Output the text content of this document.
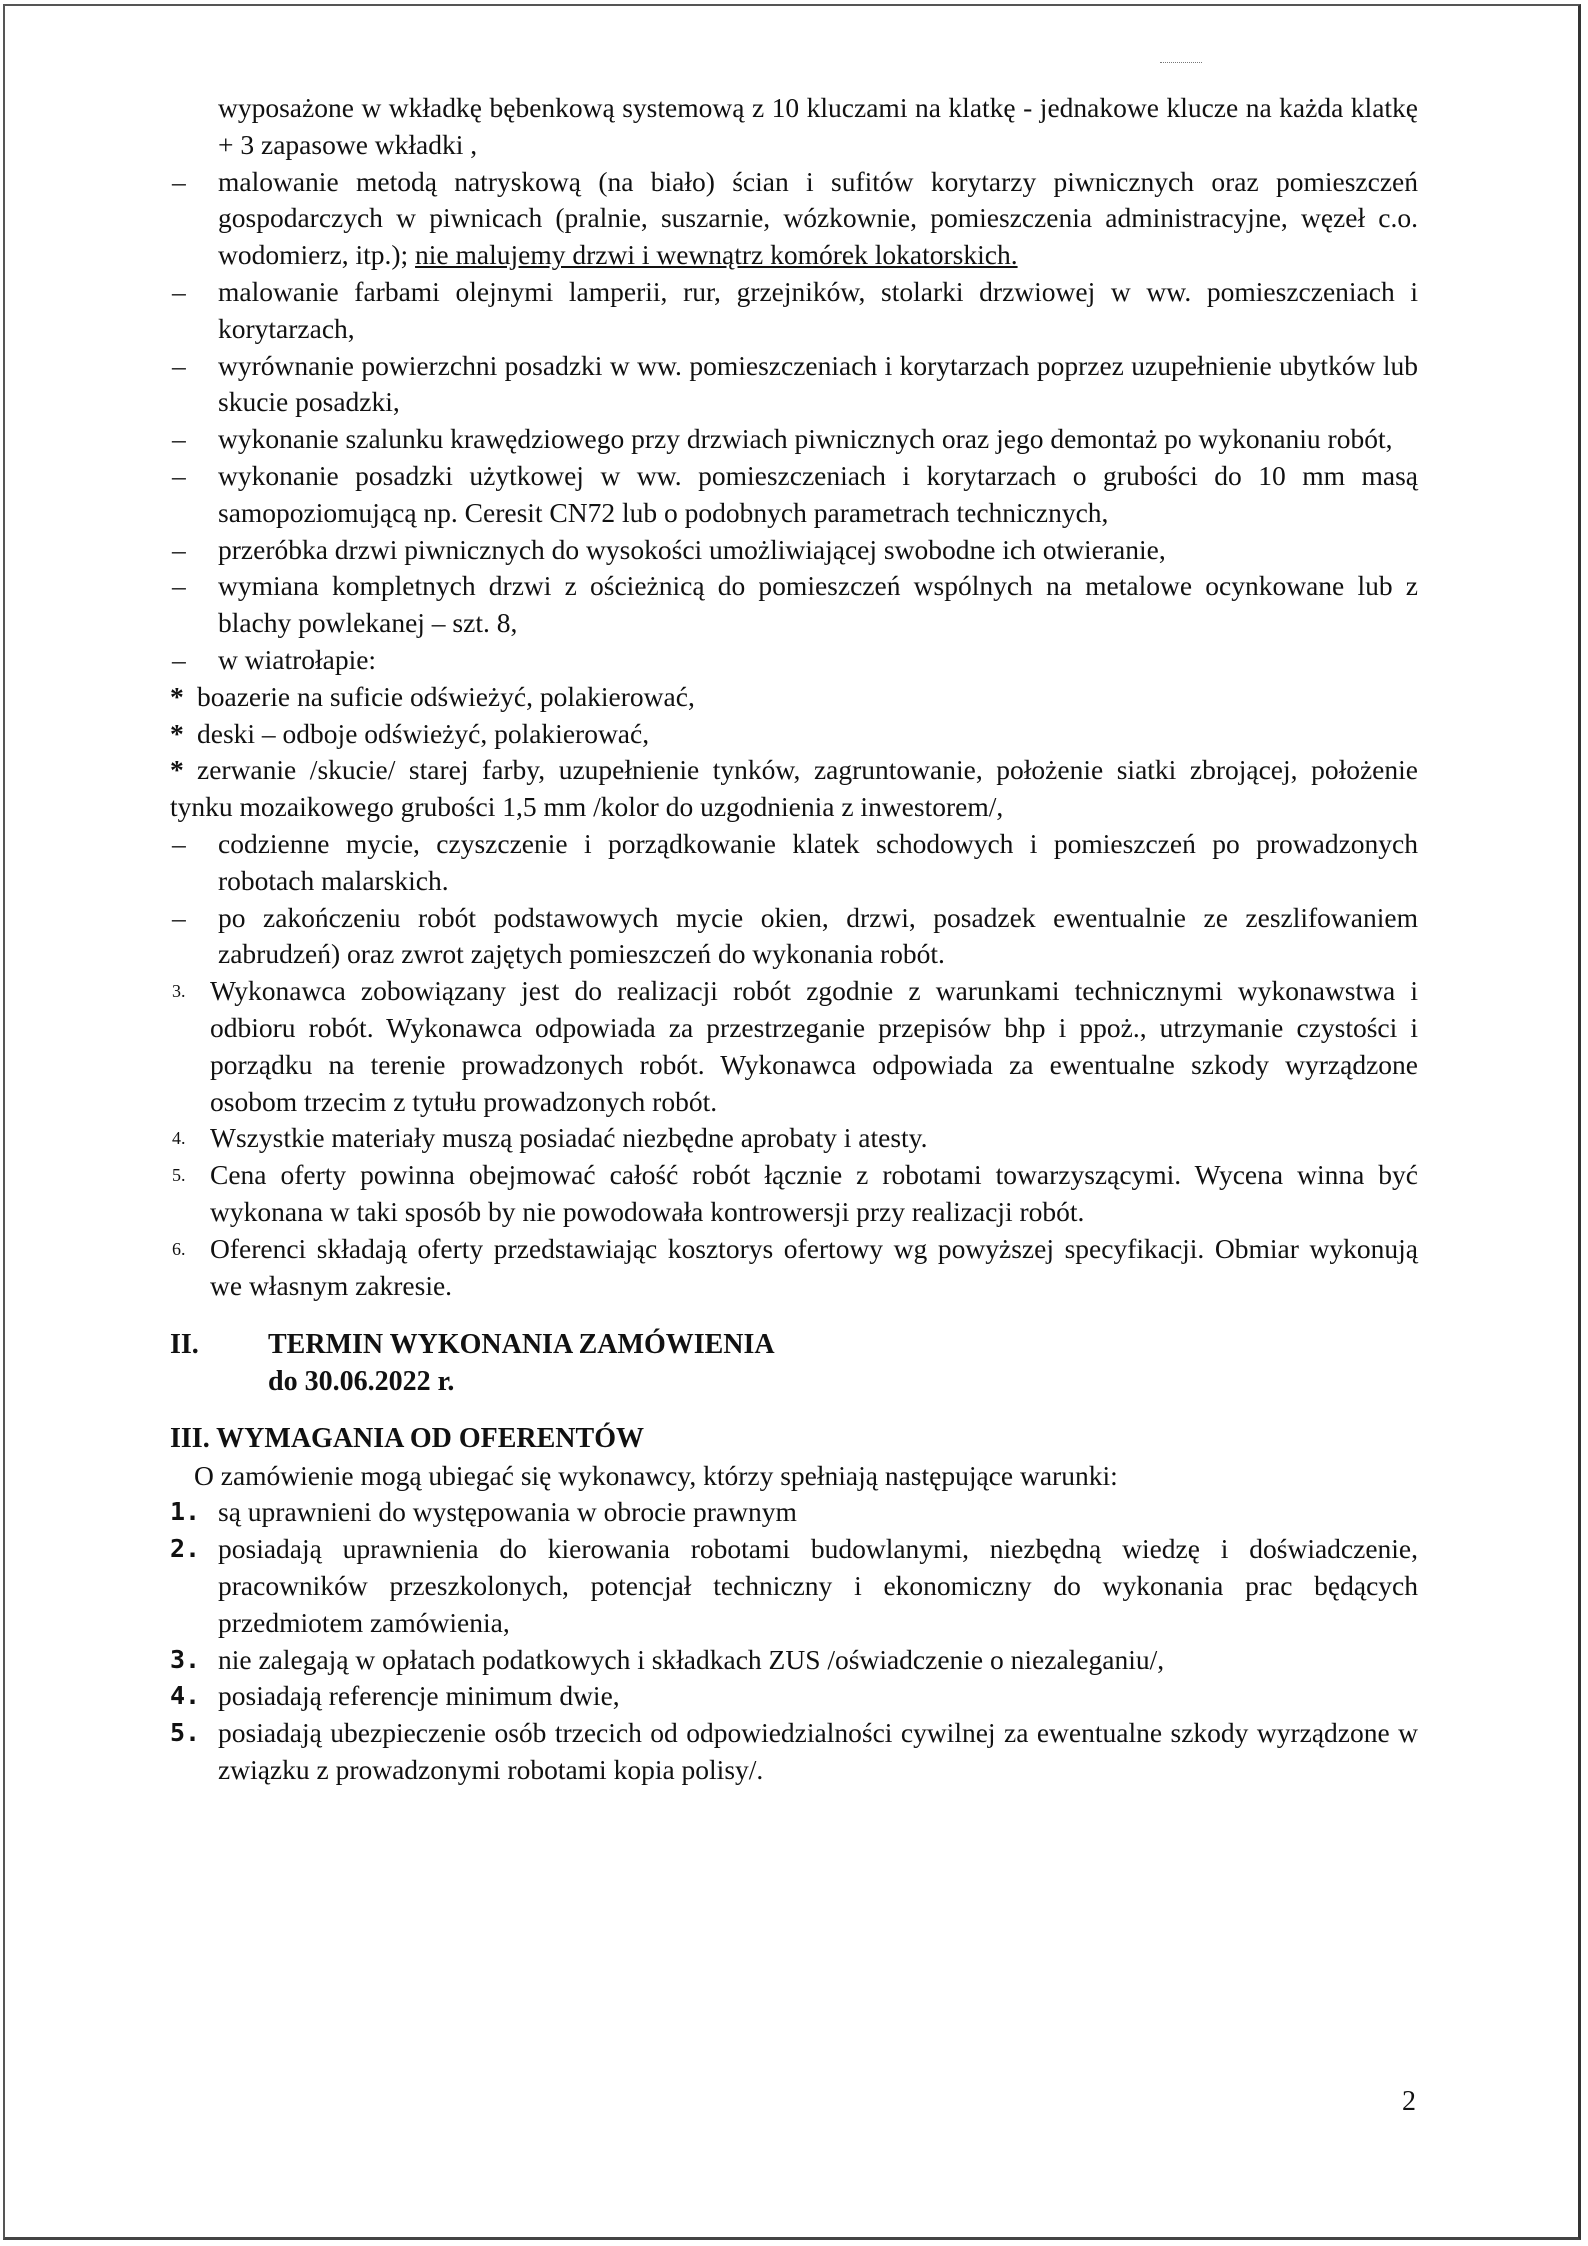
wyposażone w wkładkę bębenkową systemową z 10 kluczami na klatkę - jednakowe klucze na każda klatkę + 3 zapasowe wkładki ,
– malowanie metodą natryskową (na biało) ścian i sufitów korytarzy piwnicznych oraz pomieszczeń gospodarczych w piwnicach (pralnie, suszarnie, wózkownie, pomieszczenia administracyjne, węzeł c.o. wodomierz, itp.); nie malujemy drzwi i wewnątrz komórek lokatorskich.
– malowanie farbami olejnymi lamperii, rur, grzejników, stolarki drzwiowej w ww. pomieszczeniach i korytarzach,
– wyrównanie powierzchni posadzki w ww. pomieszczeniach i korytarzach poprzez uzupełnienie ubytków lub skucie posadzki,
– wykonanie szalunku krawędziowego przy drzwiach piwnicznych oraz jego demontaż po wykonaniu robót,
– wykonanie posadzki użytkowej w ww. pomieszczeniach i korytarzach o grubości do 10 mm masą samopoziomującą np. Ceresit CN72 lub o podobnych parametrach technicznych,
– przeróbka drzwi piwnicznych do wysokości umożliwiającej swobodne ich otwieranie,
– wymiana kompletnych drzwi z ościeżnicą do pomieszczeń wspólnych na metalowe ocynkowane lub z blachy powlekanej – szt. 8,
– w wiatrołapie:
* boazerie na suficie odświeżyć, polakierować,
* deski – odboje odświeżyć, polakierować,
* zerwanie /skucie/ starej farby, uzupełnienie tynków, zagruntowanie, położenie siatki zbrojącej, położenie tynku mozaikowego grubości 1,5 mm /kolor do uzgodnienia z inwestorem/,
– codzienne mycie, czyszczenie i porządkowanie klatek schodowych i pomieszczeń po prowadzonych robotach malarskich.
– po zakończeniu robót podstawowych mycie okien, drzwi, posadzek ewentualnie ze zeszlifowaniem zabrudzeń) oraz zwrot zajętych pomieszczeń do wykonania robót.
3. Wykonawca zobowiązany jest do realizacji robót zgodnie z warunkami technicznymi wykonawstwa i odbioru robót. Wykonawca odpowiada za przestrzeganie przepisów bhp i ppoż., utrzymanie czystości i porządku na terenie prowadzonych robót. Wykonawca odpowiada za ewentualne szkody wyrządzone osobom trzecim z tytułu prowadzonych robót.
4. Wszystkie materiały muszą posiadać niezbędne aprobaty i atesty.
5. Cena oferty powinna obejmować całość robót łącznie z robotami towarzyszącymi. Wycena winna być wykonana w taki sposób by nie powodowała kontrowersji przy realizacji robót.
6. Oferenci składają oferty przedstawiając kosztorys ofertowy wg powyższej specyfikacji. Obmiar wykonują we własnym zakresie.
II. TERMIN WYKONANIA ZAMÓWIENIA
do 30.06.2022 r.
III. WYMAGANIA OD OFERENTÓW
O zamówienie mogą ubiegać się wykonawcy, którzy spełniają następujące warunki:
1. są uprawnieni do występowania w obrocie prawnym
2. posiadają uprawnienia do kierowania robotami budowlanymi, niezbędną wiedzę i doświadczenie, pracowników przeszkolonych, potencjał techniczny i ekonomiczny do wykonania prac będących przedmiotem zamówienia,
3. nie zalegają w opłatach podatkowych i składkach ZUS /oświadczenie o niezaleganiu/,
4. posiadają referencje minimum dwie,
5. posiadają ubezpieczenie osób trzecich od odpowiedzialności cywilnej za ewentualne szkody wyrządzone w związku z prowadzonymi robotami kopia polisy/.
2
